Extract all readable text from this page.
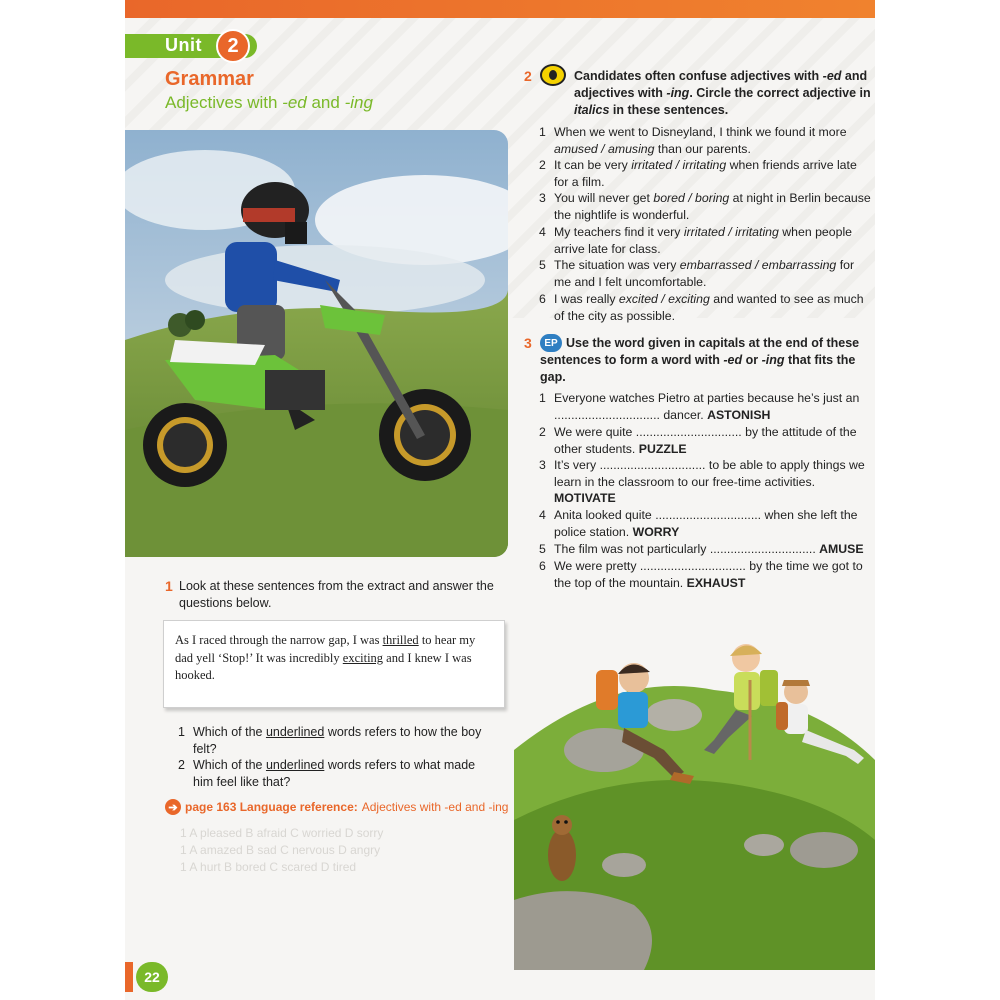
Unit	2
Grammar
Adjectives with -ed and -ing
1 Look at these sentences from the extract and answer the questions below.
As I raced through the narrow gap, I was thrilled to hear my dad yell ‘Stop!’ It was incredibly exciting and I knew I was hooked.
1 Which of the underlined words refers to how the boy felt?
2 Which of the underlined words refers to what made him feel like that?
➔ page 163 Language reference: Adjectives with -ed and -ing
1 A pleased B afraid C worried D sorry
1 A amazed B sad C nervous D angry
1 A hurt B bored C scared D tired
22
2	Candidates often confuse adjectives with -ed and adjectives with -ing. Circle the correct adjective in italics in these sentences.
1 When we went to Disneyland, I think we found it more amused / amusing than our parents.
2 It can be very irritated / irritating when friends arrive late for a film.
3 You will never get bored / boring at night in Berlin because the nightlife is wonderful.
4 My teachers find it very irritated / irritating when people arrive late for class.
5 The situation was very embarrassed / embarrassing for me and I felt uncomfortable.
6 I was really excited / exciting and wanted to see as much of the city as possible.
3	Use the word given in capitals at the end of these sentences to form a word with -ed or -ing that fits the gap.
EP
1 Everyone watches Pietro at parties because he’s just an ............................... dancer. ASTONISH
2 We were quite ............................... by the attitude of the other students. PUZZLE
3 It’s very ............................... to be able to apply things we learn in the classroom to our free-time activities. MOTIVATE
4 Anita looked quite ............................... when she left the police station. WORRY
5 The film was not particularly ............................... AMUSE
6 We were pretty ............................... by the time we got to the top of the mountain. EXHAUST
